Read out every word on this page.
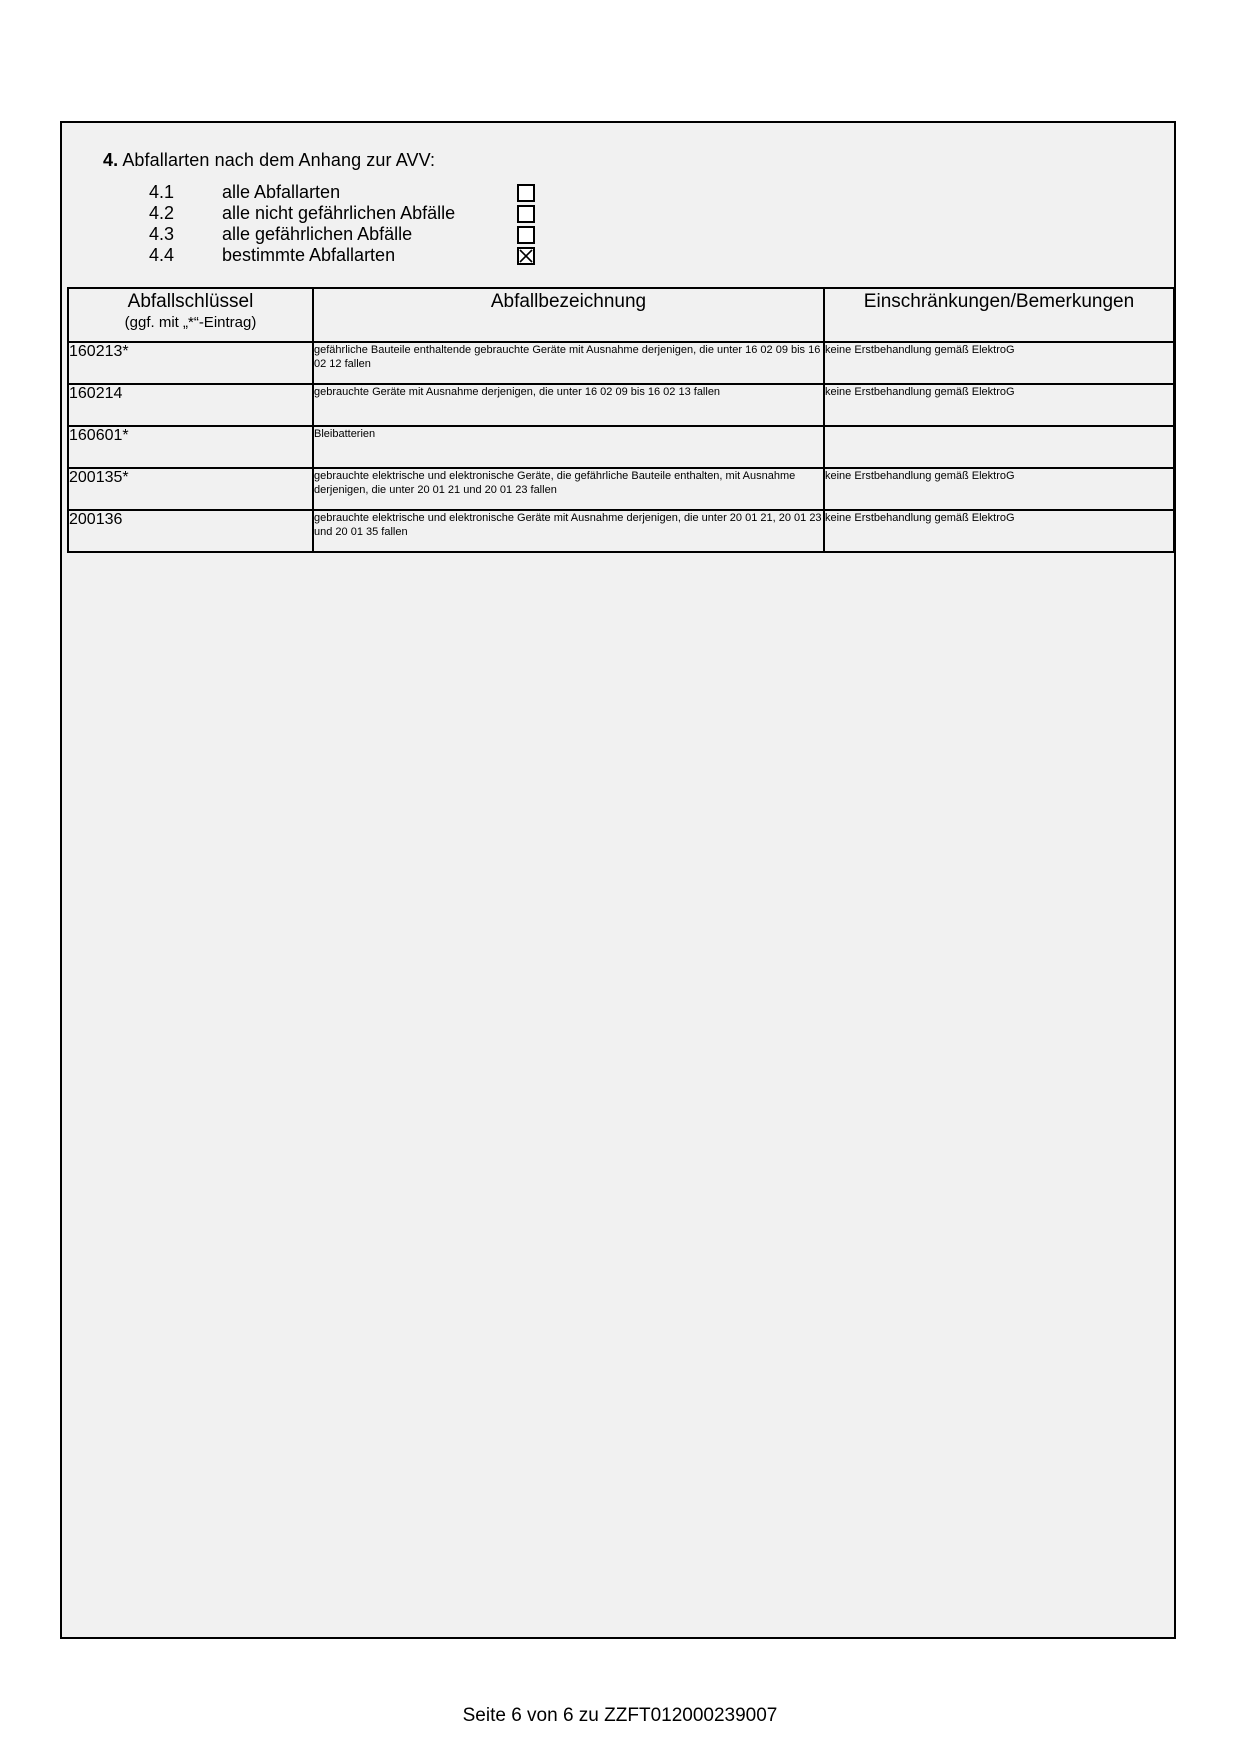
4. Abfallarten nach dem Anhang zur AVV:
4.1	alle Abfallarten
4.2	alle nicht gefährlichen Abfälle
4.3	alle gefährlichen Abfälle
4.4	bestimmte Abfallarten
Abfallschlüssel
(ggf. mit „*“-Eintrag)	Abfallbezeichnung	Einschränkungen/Bemerkungen
160213*	gefährliche Bauteile enthaltende gebrauchte Geräte mit Ausnahme derjenigen, die unter 16 02 09 bis 16 02 12 fallen	keine Erstbehandlung gemäß ElektroG
160214	gebrauchte Geräte mit Ausnahme derjenigen, die unter 16 02 09 bis 16 02 13 fallen	keine Erstbehandlung gemäß ElektroG
160601*	Bleibatterien	
200135*	gebrauchte elektrische und elektronische Geräte, die gefährliche Bauteile enthalten, mit Ausnahme derjenigen, die unter 20 01 21 und 20 01 23 fallen	keine Erstbehandlung gemäß ElektroG
200136	gebrauchte elektrische und elektronische Geräte mit Ausnahme derjenigen, die unter 20 01 21, 20 01 23 und 20 01 35 fallen	keine Erstbehandlung gemäß ElektroG
Seite 6 von 6 zu ZZFT012000239007
